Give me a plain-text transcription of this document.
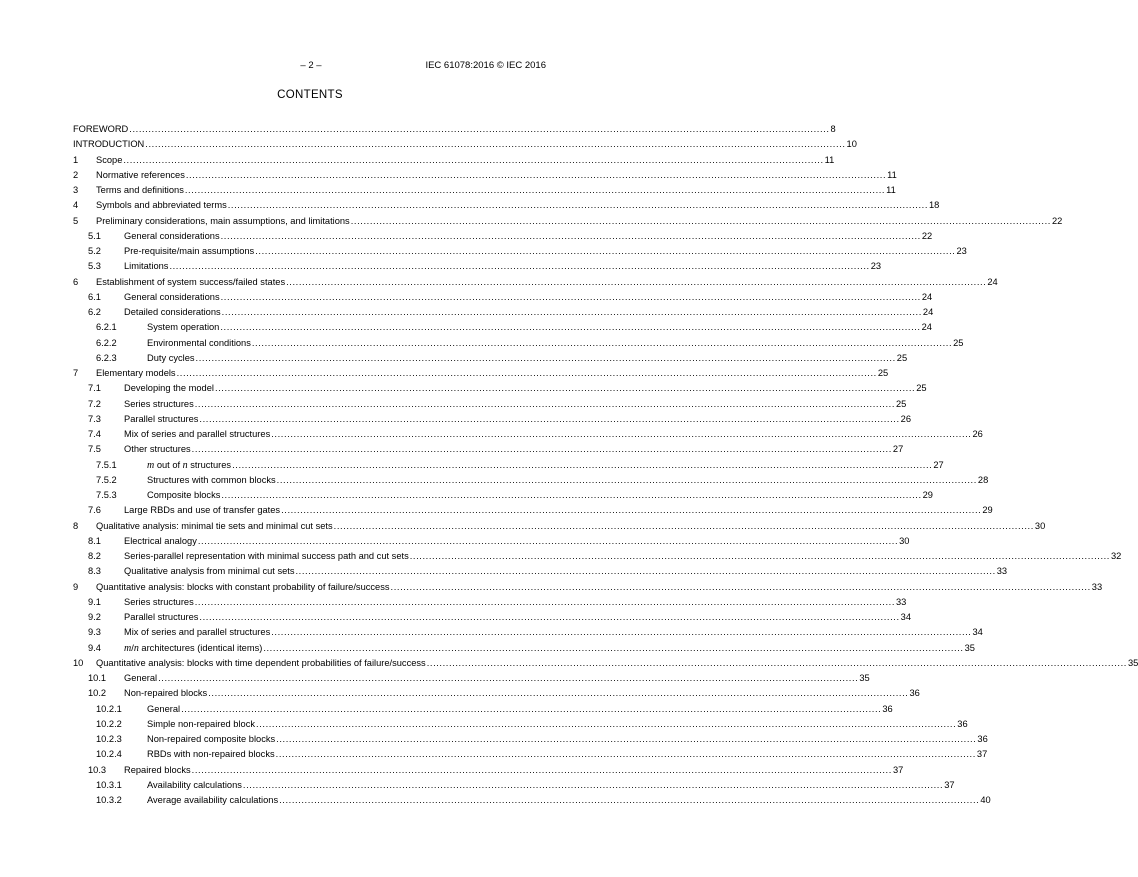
– 2 –	IEC 61078:2016 © IEC 2016
CONTENTS
FOREWORD ............................................................................................................................................................................................................................ 8
INTRODUCTION ............................................................................................................................................................................................................................ 10
1 Scope ............................................................................................................................................................................................................................ 11
2 Normative references ............................................................................................................................................................................................................................ 11
3 Terms and definitions ............................................................................................................................................................................................................................ 11
4 Symbols and abbreviated terms ............................................................................................................................................................................................................................ 18
5 Preliminary considerations, main assumptions, and limitations ............................................................................................................................................................................................................................ 22
5.1 General considerations ............................................................................................................................................................................................................................ 22
5.2 Pre-requisite/main assumptions ............................................................................................................................................................................................................................ 23
5.3 Limitations ............................................................................................................................................................................................................................ 23
6 Establishment of system success/failed states ............................................................................................................................................................................................................................ 24
6.1 General considerations ............................................................................................................................................................................................................................ 24
6.2 Detailed considerations ............................................................................................................................................................................................................................ 24
6.2.1	System operation ............................................................................................................................................................................................................................ 24
6.2.2	Environmental conditions ............................................................................................................................................................................................................................ 25
6.2.3	Duty cycles ............................................................................................................................................................................................................................ 25
7 Elementary models ............................................................................................................................................................................................................................ 25
7.1 Developing the model ............................................................................................................................................................................................................................ 25
7.2 Series structures ............................................................................................................................................................................................................................ 25
7.3 Parallel structures ............................................................................................................................................................................................................................ 26
7.4 Mix of series and parallel structures ............................................................................................................................................................................................................................ 26
7.5 Other structures ............................................................................................................................................................................................................................ 27
7.5.1	m out of n structures ............................................................................................................................................................................................................................ 27
7.5.2	Structures with common blocks ............................................................................................................................................................................................................................ 28
7.5.3	Composite blocks ............................................................................................................................................................................................................................ 29
7.6 Large RBDs and use of transfer gates ............................................................................................................................................................................................................................ 29
8 Qualitative analysis: minimal tie sets and minimal cut sets ............................................................................................................................................................................................................................ 30
8.1 Electrical analogy ............................................................................................................................................................................................................................ 30
8.2 Series-parallel representation with minimal success path and cut sets ............................................................................................................................................................................................................................ 32
8.3 Qualitative analysis from minimal cut sets ............................................................................................................................................................................................................................ 33
9 Quantitative analysis: blocks with constant probability of failure/success ............................................................................................................................................................................................................................ 33
9.1 Series structures ............................................................................................................................................................................................................................ 33
9.2 Parallel structures ............................................................................................................................................................................................................................ 34
9.3 Mix of series and parallel structures ............................................................................................................................................................................................................................ 34
9.4 m/n architectures (identical items) ............................................................................................................................................................................................................................ 35
10 Quantitative analysis: blocks with time dependent probabilities of failure/success ............................................................................................................................................................................................................................ 35
10.1 General ............................................................................................................................................................................................................................ 35
10.2 Non-repaired blocks ............................................................................................................................................................................................................................ 36
10.2.1	General ............................................................................................................................................................................................................................ 36
10.2.2	Simple non-repaired block ............................................................................................................................................................................................................................ 36
10.2.3	Non-repaired composite blocks ............................................................................................................................................................................................................................ 36
10.2.4	RBDs with non-repaired blocks ............................................................................................................................................................................................................................ 37
10.3 Repaired blocks ............................................................................................................................................................................................................................ 37
10.3.1	Availability calculations ............................................................................................................................................................................................................................ 37
10.3.2	Average availability calculations ............................................................................................................................................................................................................................ 40
